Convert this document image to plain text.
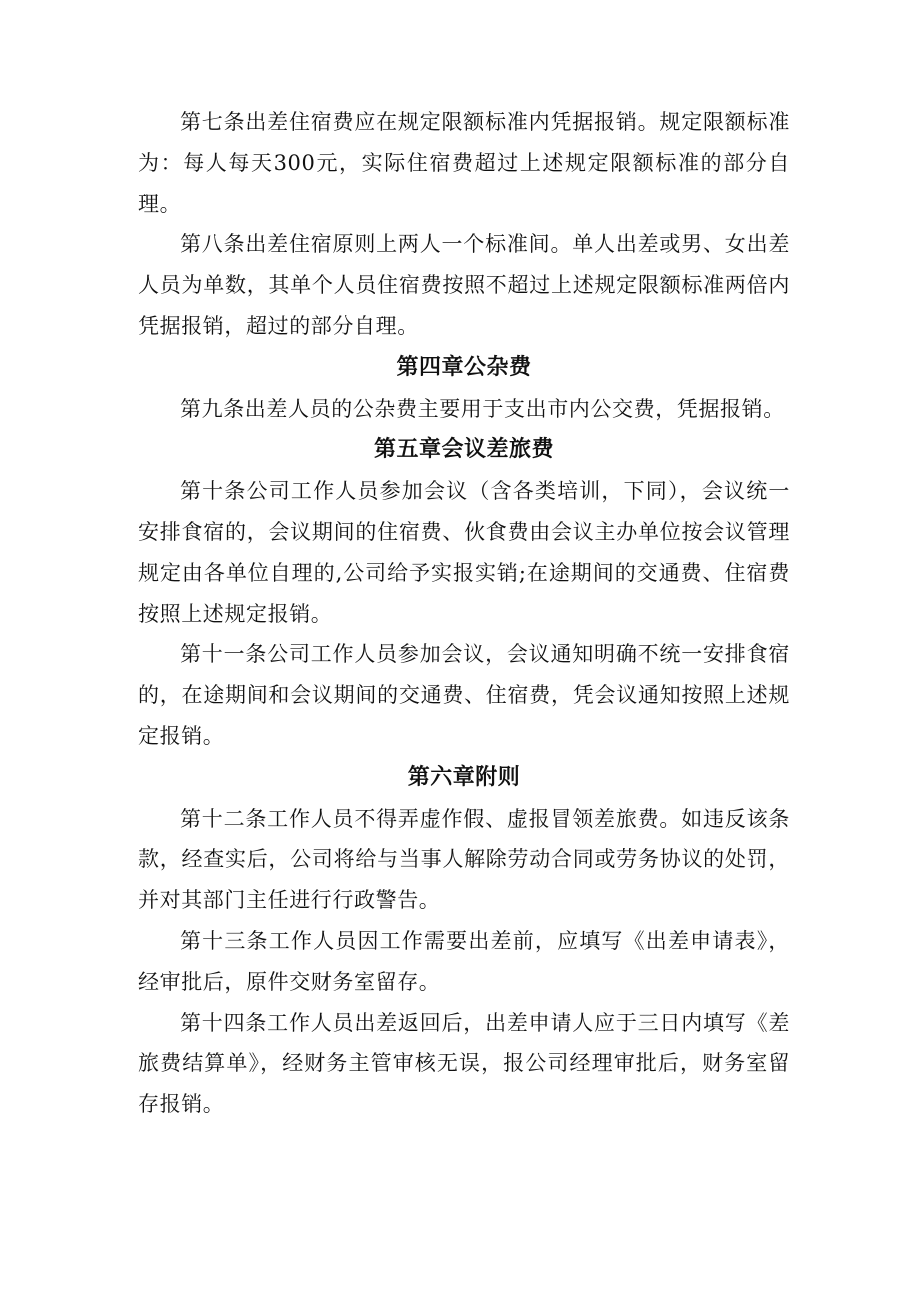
第七条出差住宿费应在规定限额标准内凭据报销。规定限额标准为：每人每天300元，实际住宿费超过上述规定限额标准的部分自理。

第八条出差住宿原则上两人一个标准间。单人出差或男、女出差人员为单数，其单个人员住宿费按照不超过上述规定限额标准两倍内凭据报销，超过的部分自理。

第四章公杂费

第九条出差人员的公杂费主要用于支出市内公交费，凭据报销。

第五章会议差旅费

第十条公司工作人员参加会议（含各类培训，下同），会议统一安排食宿的，会议期间的住宿费、伙食费由会议主办单位按会议管理规定由各单位自理的,公司给予实报实销;在途期间的交通费、住宿费按照上述规定报销。

第十一条公司工作人员参加会议，会议通知明确不统一安排食宿的，在途期间和会议期间的交通费、住宿费，凭会议通知按照上述规定报销。

第六章附则

第十二条工作人员不得弄虚作假、虚报冒领差旅费。如违反该条款，经查实后，公司将给与当事人解除劳动合同或劳务协议的处罚，并对其部门主任进行行政警告。

第十三条工作人员因工作需要出差前，应填写《出差申请表》，经审批后，原件交财务室留存。

第十四条工作人员出差返回后，出差申请人应于三日内填写《差旅费结算单》，经财务主管审核无误，报公司经理审批后，财务室留存报销。
